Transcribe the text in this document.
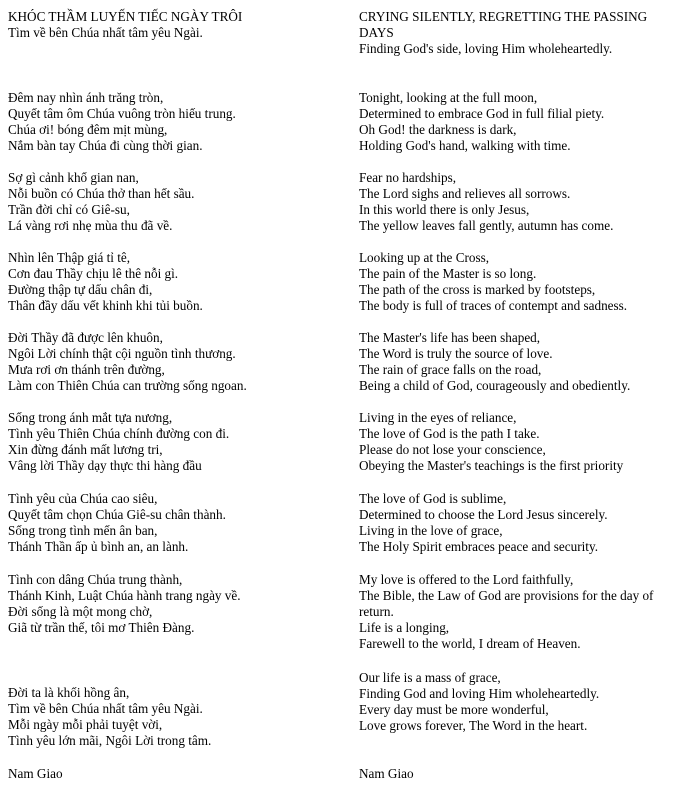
KHÓC THẦM LUYẾN TIẾC NGÀY TRÔI
Tìm về bên Chúa nhất tâm yêu Ngài.
Đêm nay nhìn ánh trăng tròn,
Quyết tâm ôm Chúa vuông tròn hiếu trung.
Chúa ơi! bóng đêm mịt mùng,
Nắm bàn tay Chúa đi cùng thời gian.
Sợ gì cảnh khổ gian nan,
Nỗi buồn có Chúa thở than hết sầu.
Trần đời chỉ có Giê-su,
Lá vàng rơi nhẹ mùa thu đã về.
Nhìn lên Thập giá tỉ tê,
Cơn đau Thầy chịu lê thê nỗi gì.
Đường thập tự dấu chân đi,
Thân đầy dấu vết khinh khi tủi buồn.
Đời Thầy đã được lên khuôn,
Ngôi Lời chính thật cội nguồn tình thương.
Mưa rơi ơn thánh trên đường,
Làm con Thiên Chúa can trường sống ngoan.
Sống trong ánh mắt tựa nương,
Tình yêu Thiên Chúa chính đường con đi.
Xin đừng đánh mất lương tri,
Vâng lời Thầy dạy thực thi hàng đầu
Tình yêu của Chúa cao siêu,
Quyết tâm chọn Chúa Giê-su chân thành.
Sống trong tình mến ân ban,
Thánh Thần ấp ủ bình an, an lành.
Tình con dâng Chúa trung thành,
Thánh Kinh, Luật Chúa hành trang ngày về.
Đời sống là một mong chờ,
Giã từ trần thế, tôi mơ Thiên Đàng.
Đời ta là khối hồng ân,
Tìm về bên Chúa nhất tâm yêu Ngài.
Mỗi ngày mỗi phải tuyệt vời,
Tình yêu lớn mãi, Ngôi Lời trong tâm.
CRYING SILENTLY, REGRETTING THE PASSING DAYS
Finding God's side, loving Him wholeheartedly.
Tonight, looking at the full moon,
Determined to embrace God in full filial piety.
Oh God! the darkness is dark,
Holding God's hand, walking with time.
Fear no hardships,
The Lord sighs and relieves all sorrows.
In this world there is only Jesus,
The yellow leaves fall gently, autumn has come.
Looking up at the Cross,
The pain of the Master is so long.
The path of the cross is marked by footsteps,
The body is full of traces of contempt and sadness.
The Master's life has been shaped,
The Word is truly the source of love.
The rain of grace falls on the road,
Being a child of God, courageously and obediently.
Living in the eyes of reliance,
The love of God is the path I take.
Please do not lose your conscience,
Obeying the Master's teachings is the first priority
The love of God is sublime,
Determined to choose the Lord Jesus sincerely.
Living in the love of grace,
The Holy Spirit embraces peace and security.
My love is offered to the Lord faithfully,
The Bible, the Law of God are provisions for the day of return.
Life is a longing,
Farewell to the world, I dream of Heaven.
Our life is a mass of grace,
Finding God and loving Him wholeheartedly.
Every day must be more wonderful,
Love grows forever, The Word in the heart.
Nam Giao	Nam Giao
